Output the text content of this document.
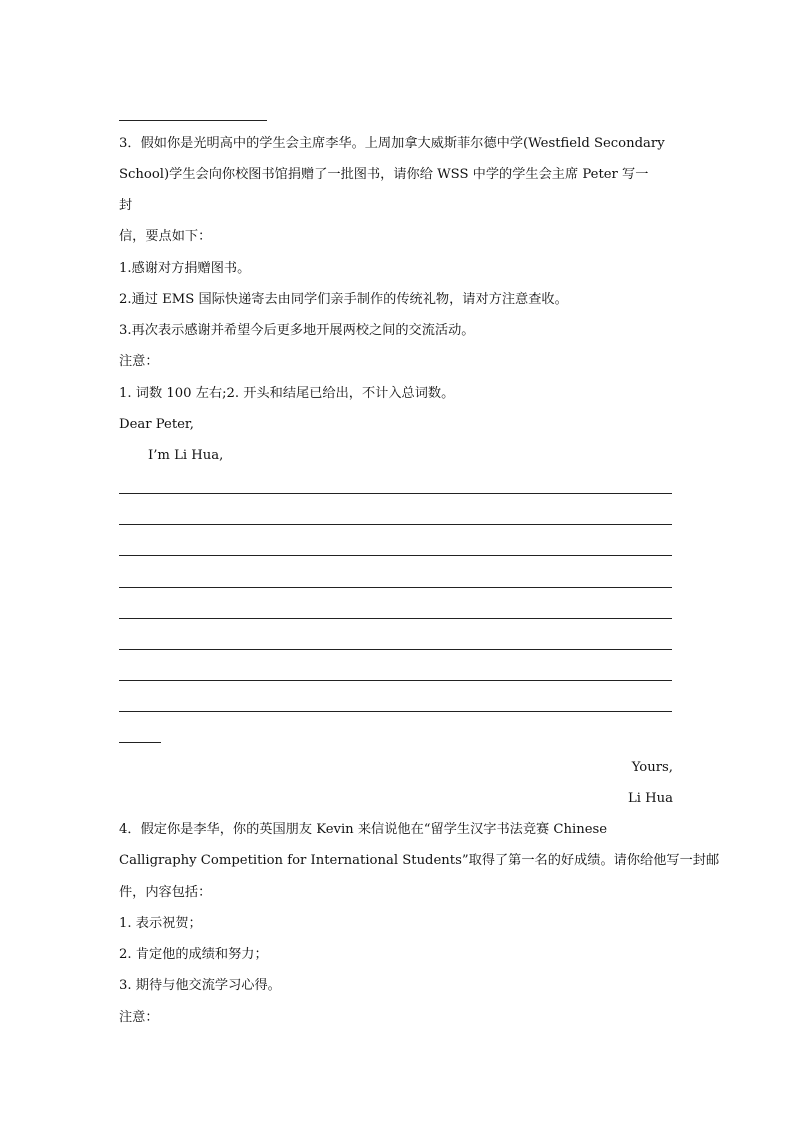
3．假如你是光明高中的学生会主席李华。上周加拿大威斯菲尔德中学(Westfield Secondary
School)学生会向你校图书馆捐赠了一批图书，请你给 WSS 中学的学生会主席 Peter 写一
封
信，要点如下：
1.感谢对方捐赠图书。
2.通过 EMS 国际快递寄去由同学们亲手制作的传统礼物，请对方注意查收。
3.再次表示感谢并希望今后更多地开展两校之间的交流活动。
注意：
1. 词数 100 左右;2. 开头和结尾已给出，不计入总词数。
Dear Peter,
I’m Li Hua,
Yours,
Li Hua
4．假定你是李华，你的英国朋友 Kevin 来信说他在“留学生汉字书法竞赛 Chinese
Calligraphy Competition for International Students”取得了第一名的好成绩。请你给他写一封邮
件，内容包括：
1. 表示祝贺；
2. 肯定他的成绩和努力；
3. 期待与他交流学习心得。
注意：
